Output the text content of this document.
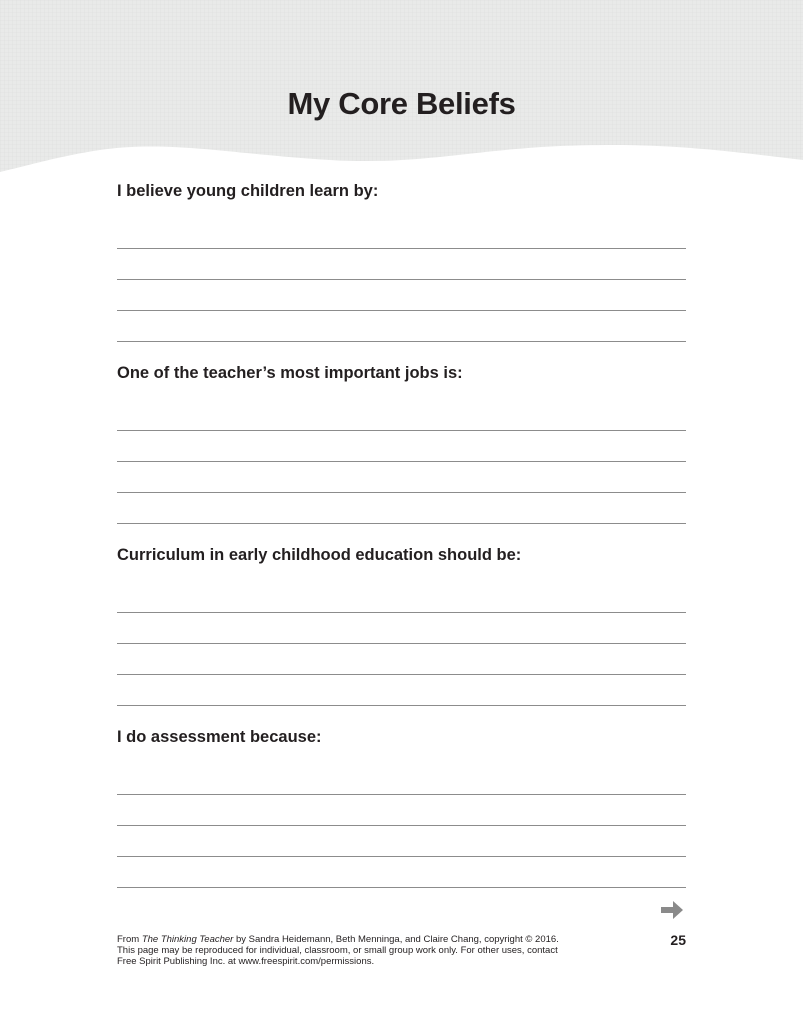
My Core Beliefs

I believe young children learn by:

One of the teacher’s most important jobs is:

Curriculum in early childhood education should be:

I do assessment because:

25

From The Thinking Teacher by Sandra Heidemann, Beth Menninga, and Claire Chang, copyright © 2016.

This page may be reproduced for individual, classroom, or small group work only. For other uses, contact

Free Spirit Publishing Inc. at www.freespirit.com/permissions.
